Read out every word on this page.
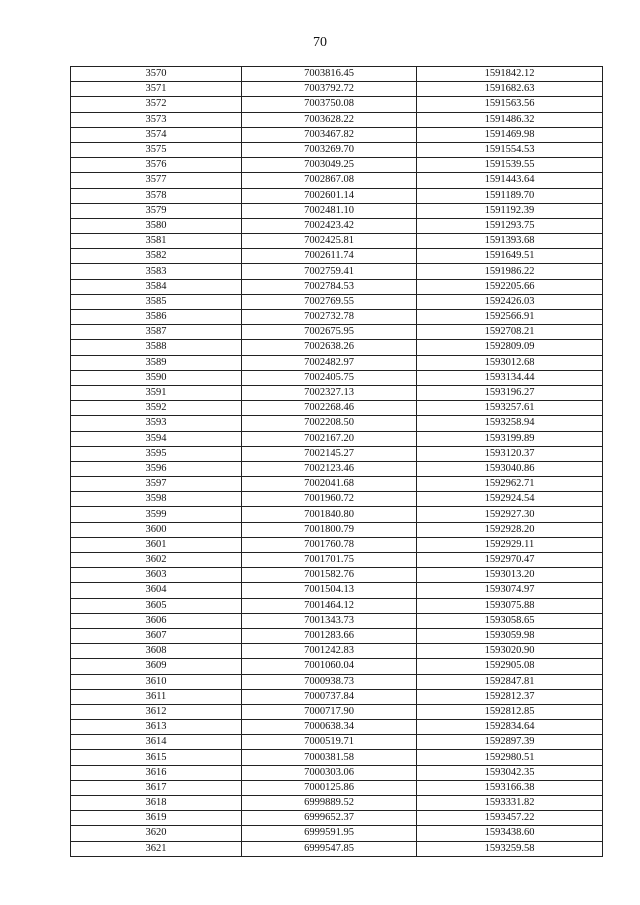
70
3570	7003816.45	1591842.12
3571	7003792.72	1591682.63
3572	7003750.08	1591563.56
3573	7003628.22	1591486.32
3574	7003467.82	1591469.98
3575	7003269.70	1591554.53
3576	7003049.25	1591539.55
3577	7002867.08	1591443.64
3578	7002601.14	1591189.70
3579	7002481.10	1591192.39
3580	7002423.42	1591293.75
3581	7002425.81	1591393.68
3582	7002611.74	1591649.51
3583	7002759.41	1591986.22
3584	7002784.53	1592205.66
3585	7002769.55	1592426.03
3586	7002732.78	1592566.91
3587	7002675.95	1592708.21
3588	7002638.26	1592809.09
3589	7002482.97	1593012.68
3590	7002405.75	1593134.44
3591	7002327.13	1593196.27
3592	7002268.46	1593257.61
3593	7002208.50	1593258.94
3594	7002167.20	1593199.89
3595	7002145.27	1593120.37
3596	7002123.46	1593040.86
3597	7002041.68	1592962.71
3598	7001960.72	1592924.54
3599	7001840.80	1592927.30
3600	7001800.79	1592928.20
3601	7001760.78	1592929.11
3602	7001701.75	1592970.47
3603	7001582.76	1593013.20
3604	7001504.13	1593074.97
3605	7001464.12	1593075.88
3606	7001343.73	1593058.65
3607	7001283.66	1593059.98
3608	7001242.83	1593020.90
3609	7001060.04	1592905.08
3610	7000938.73	1592847.81
3611	7000737.84	1592812.37
3612	7000717.90	1592812.85
3613	7000638.34	1592834.64
3614	7000519.71	1592897.39
3615	7000381.58	1592980.51
3616	7000303.06	1593042.35
3617	7000125.86	1593166.38
3618	6999889.52	1593331.82
3619	6999652.37	1593457.22
3620	6999591.95	1593438.60
3621	6999547.85	1593259.58
